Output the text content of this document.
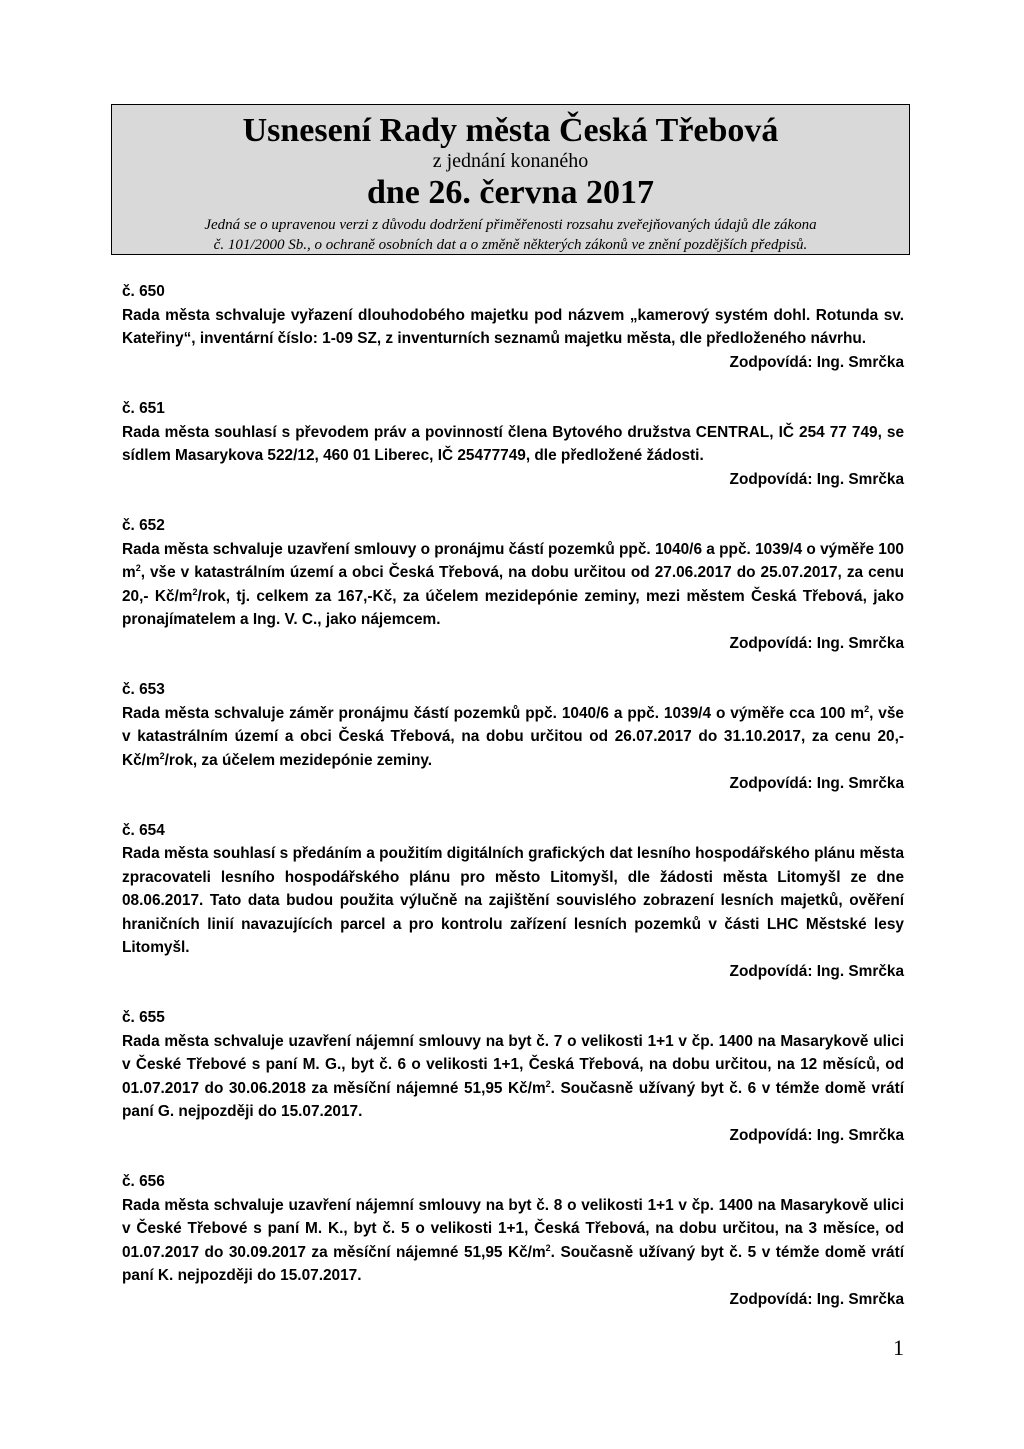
Usnesení Rady města Česká Třebová
z jednání konaného
dne 26. června 2017
Jedná se o upravenou verzi z důvodu dodržení přiměřenosti rozsahu zveřejňovaných údajů dle zákona
č. 101/2000 Sb., o ochraně osobních dat a o změně některých zákonů ve znění pozdějších předpisů.

č. 650

Rada města schvaluje vyřazení dlouhodobého majetku pod názvem „kamerový systém dohl. Rotunda sv. Kateřiny“, inventární číslo: 1-09 SZ, z inventurních seznamů majetku města, dle předloženého návrhu.

Zodpovídá: Ing. Smrčka

č. 651

Rada města souhlasí s převodem práv a povinností člena Bytového družstva CENTRAL, IČ 254 77 749, se sídlem Masarykova 522/12, 460 01 Liberec, IČ 25477749, dle předložené žádosti.

Zodpovídá: Ing. Smrčka

č. 652

Rada města schvaluje uzavření smlouvy o pronájmu částí pozemků ppč. 1040/6 a ppč. 1039/4 o výměře 100 $m^2$, vše v katastrálním území a obci Česká Třebová, na dobu určitou od 27.06.2017 do 25.07.2017, za cenu 20,- $Kč/m^2$/rok, tj. celkem za 167,-Kč, za účelem mezidepónie zeminy, mezi městem Česká Třebová, jako pronajímatelem a Ing. V. C., jako nájemcem.

Zodpovídá: Ing. Smrčka

č. 653

Rada města schvaluje záměr pronájmu částí pozemků ppč. 1040/6 a ppč. 1039/4 o výměře cca 100 $m^2$, vše v katastrálním území a obci Česká Třebová, na dobu určitou od 26.07.2017 do 31.10.2017, za cenu 20,- $Kč/m^2$/rok, za účelem mezidepónie zeminy.

Zodpovídá: Ing. Smrčka

č. 654

Rada města souhlasí s předáním a použitím digitálních grafických dat lesního hospodářského plánu města zpracovateli lesního hospodářského plánu pro město Litomyšl, dle žádosti města Litomyšl ze dne 08.06.2017. Tato data budou použita výlučně na zajištění souvislého zobrazení lesních majetků, ověření hraničních linií navazujících parcel a pro kontrolu zařízení lesních pozemků v části LHC Městské lesy Litomyšl.

Zodpovídá: Ing. Smrčka

č. 655

Rada města schvaluje uzavření nájemní smlouvy na byt č. 7 o velikosti 1+1 v čp. 1400 na Masarykově ulici v České Třebové s paní M. G., byt č. 6 o velikosti 1+1, Česká Třebová, na dobu určitou, na 12 měsíců, od 01.07.2017 do 30.06.2018 za měsíční nájemné 51,95 $Kč/m^2$. Současně užívaný byt č. 6 v témže domě vrátí paní G. nejpozději do 15.07.2017.

Zodpovídá: Ing. Smrčka

č. 656

Rada města schvaluje uzavření nájemní smlouvy na byt č. 8 o velikosti 1+1 v čp. 1400 na Masarykově ulici v České Třebové s paní M. K., byt č. 5 o velikosti 1+1, Česká Třebová, na dobu určitou, na 3 měsíce, od 01.07.2017 do 30.09.2017 za měsíční nájemné 51,95 $Kč/m^2$. Současně užívaný byt č. 5 v témže domě vrátí paní K. nejpozději do 15.07.2017.

Zodpovídá: Ing. Smrčka

1
